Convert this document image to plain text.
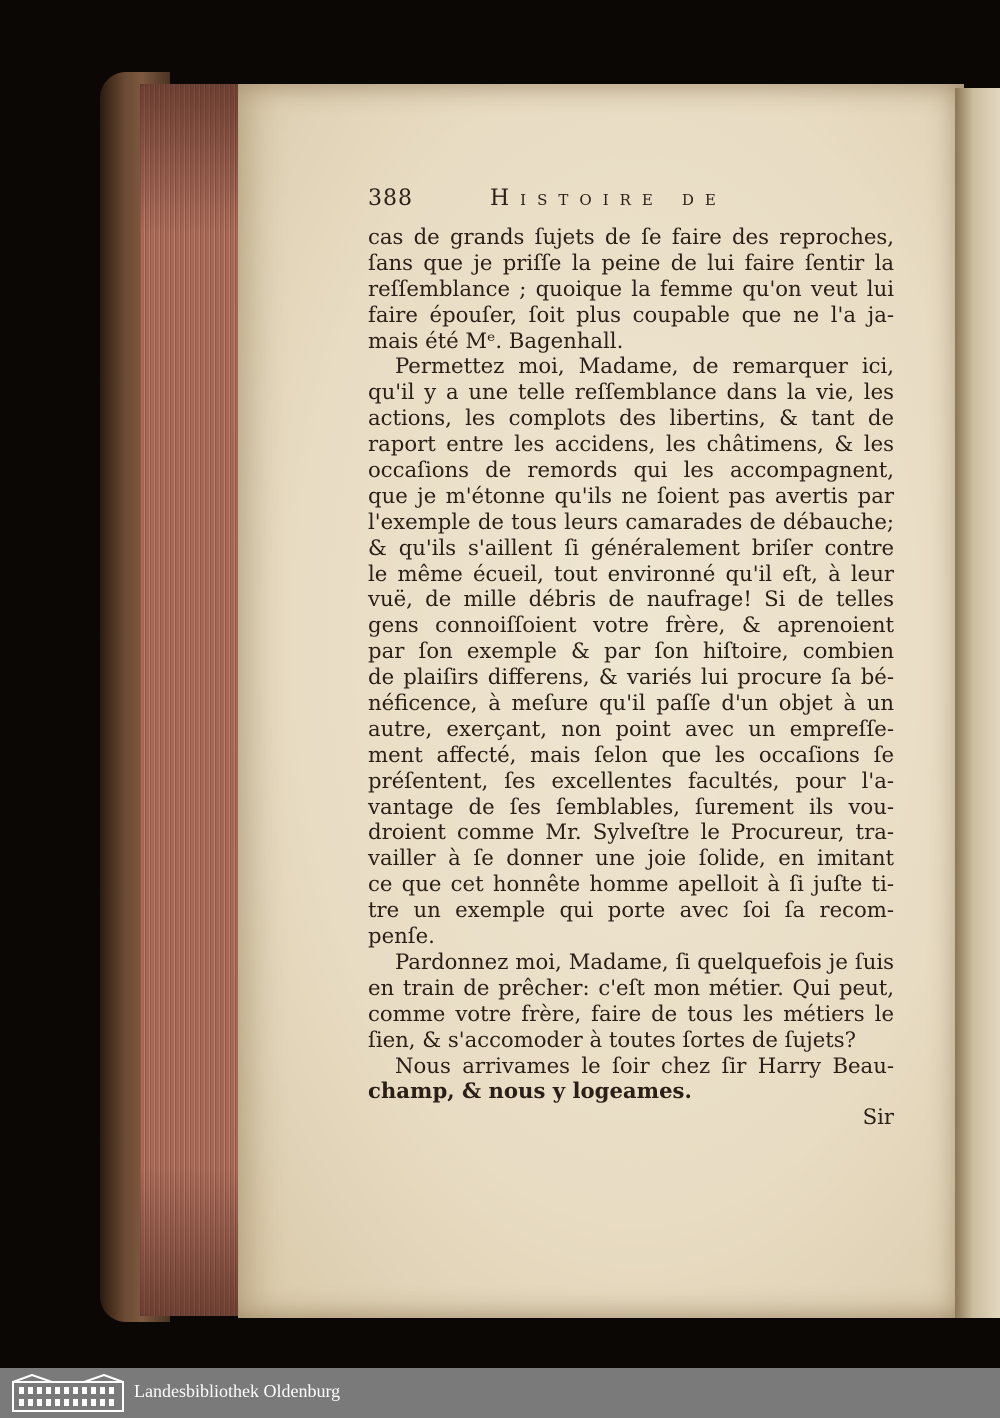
388	Histoire de
cas de grands ſujets de ſe faire des reproches,
ſans que je priſſe la peine de lui faire ſentir la
reſſemblance ; quoique la femme qu'on veut lui
faire épouſer, ſoit plus coupable que ne l'a ja-
mais été Mᵉ. Bagenhall.
Permettez moi, Madame, de remarquer ici,
qu'il y a une telle reſſemblance dans la vie, les
actions, les complots des libertins, & tant de
raport entre les accidens, les châtimens, & les
occaſions de remords qui les accompagnent,
que je m'étonne qu'ils ne ſoient pas avertis par
l'exemple de tous leurs camarades de débauche;
& qu'ils s'aillent ſi généralement briſer contre
le même écueil, tout environné qu'il eſt, à leur
vuë, de mille débris de naufrage! Si de telles
gens connoiſſoient votre frère, & aprenoient
par ſon exemple & par ſon hiſtoire, combien
de plaiſirs differens, & variés lui procure ſa bé-
néficence, à meſure qu'il paſſe d'un objet à un
autre, exerçant, non point avec un empreſſe-
ment affecté, mais ſelon que les occaſions ſe
préſentent, ſes excellentes facultés, pour l'a-
vantage de ſes ſemblables, ſurement ils vou-
droient comme Mr. Sylveſtre le Procureur, tra-
vailler à ſe donner une joie ſolide, en imitant
ce que cet honnête homme apelloit à ſi juſte ti-
tre un exemple qui porte avec ſoi ſa recom-
penſe.
Pardonnez moi, Madame, ſi quelquefois je ſuis
en train de prêcher: c'eſt mon métier. Qui peut,
comme votre frère, faire de tous les métiers le
ſien, & s'accomoder à toutes ſortes de ſujets?
Nous arrivames le ſoir chez ſir Harry Beau-
champ, & nous y logeames.
Sir
Landesbibliothek Oldenburg
